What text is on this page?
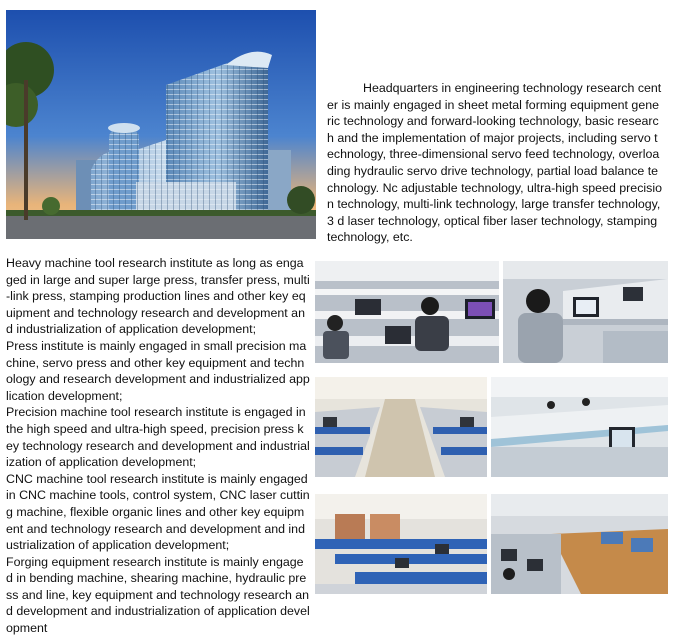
Headquarters in engineering technology research center is mainly engaged in sheet metal forming equipment generic technology and forward-looking technology, basic research and the implementation of major projects, including servo technology, three-dimensional servo feed technology, overloading hydraulic servo drive technology, partial load balance technology. Nc adjustable technology, ultra-high speed precision technology, multi-link technology, large transfer technology, 3 d laser technology, optical fiber laser technology, stamping technology, etc.

Heavy machine tool research institute as long as engaged in large and super large press, transfer press, multi-link press, stamping production lines and other key equipment and technology research and development and industrialization of application development;

Press institute is mainly engaged in small precision machine, servo press and other key equipment and technology and research development and industrialized application development;

Precision machine tool research institute is engaged in the high speed and ultra-high speed, precision press key technology research and development and industrialization of application development;

CNC machine tool research institute is mainly engaged in CNC machine tools, control system, CNC laser cutting machine, flexible organic lines and other key equipment and technology research and development and industrialization of application development;

Forging equipment research institute is mainly engaged in bending machine, shearing machine, hydraulic press and line, key equipment and technology research and development and industrialization of application development
